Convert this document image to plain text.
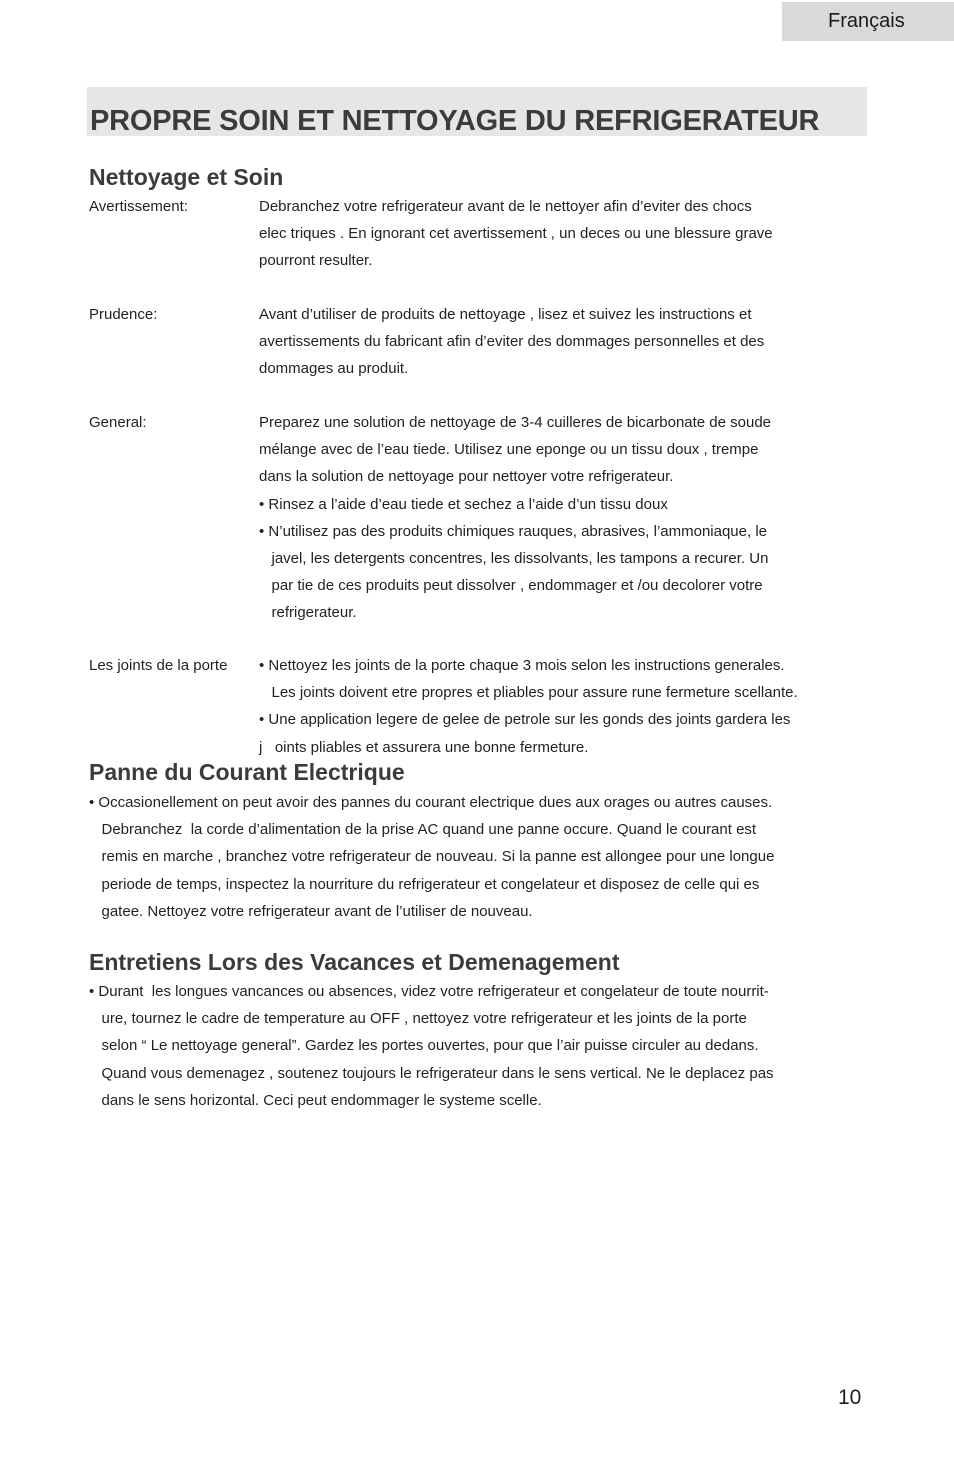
Français
PROPRE SOIN ET NETTOYAGE DU REFRIGERATEUR
Nettoyage et Soin
Avertissement:	Debranchez votre refrigerateur avant de le nettoyer afin d’eviter des chocs
elec triques . En ignorant cet avertissement , un deces ou une blessure grave
pourront resulter.
Prudence:	Avant d’utiliser de produits de nettoyage , lisez et suivez les instructions et
avertissements du fabricant afin d’eviter des dommages personnelles et des
dommages au produit.
General:	Preparez une solution de nettoyage de 3-4 cuilleres de bicarbonate de soude
mélange avec de l’eau tiede. Utilisez une eponge ou un tissu doux , trempe
dans la solution de nettoyage pour nettoyer votre refrigerateur.
• Rinsez a l’aide d’eau tiede et sechez a l’aide d’un tissu doux
• N’utilisez pas des produits chimiques rauques, abrasives, l’ammoniaque, le
javel, les detergents concentres, les dissolvants, les tampons a recurer. Un
par tie de ces produits peut dissolver , endommager et /ou decolorer votre
refrigerateur.
Les joints de la porte • Nettoyez les joints de la porte chaque 3 mois selon les instructions generales.
Les joints doivent etre propres et pliables pour assure rune fermeture scellante.
• Une application legere de gelee de petrole sur les gonds des joints gardera les
j   oints pliables et assurera une bonne fermeture.
Panne du Courant Electrique
• Occasionellement on peut avoir des pannes du courant electrique dues aux orages ou autres causes.
Debranchez  la corde d’alimentation de la prise AC quand une panne occure. Quand le courant est
remis en marche , branchez votre refrigerateur de nouveau. Si la panne est allongee pour une longue
periode de temps, inspectez la nourriture du refrigerateur et congelateur et disposez de celle qui es
gatee. Nettoyez votre refrigerateur avant de l’utiliser de nouveau.
Entretiens Lors des Vacances et Demenagement
• Durant  les longues vancances ou absences, videz votre refrigerateur et congelateur de toute nourrit-
ure, tournez le cadre de temperature au OFF , nettoyez votre refrigerateur et les joints de la porte
selon “ Le nettoyage general”. Gardez les portes ouvertes, pour que l’air puisse circuler au dedans.
Quand vous demenagez , soutenez toujours le refrigerateur dans le sens vertical. Ne le deplacez pas
dans le sens horizontal. Ceci peut endommager le systeme scelle.
10
